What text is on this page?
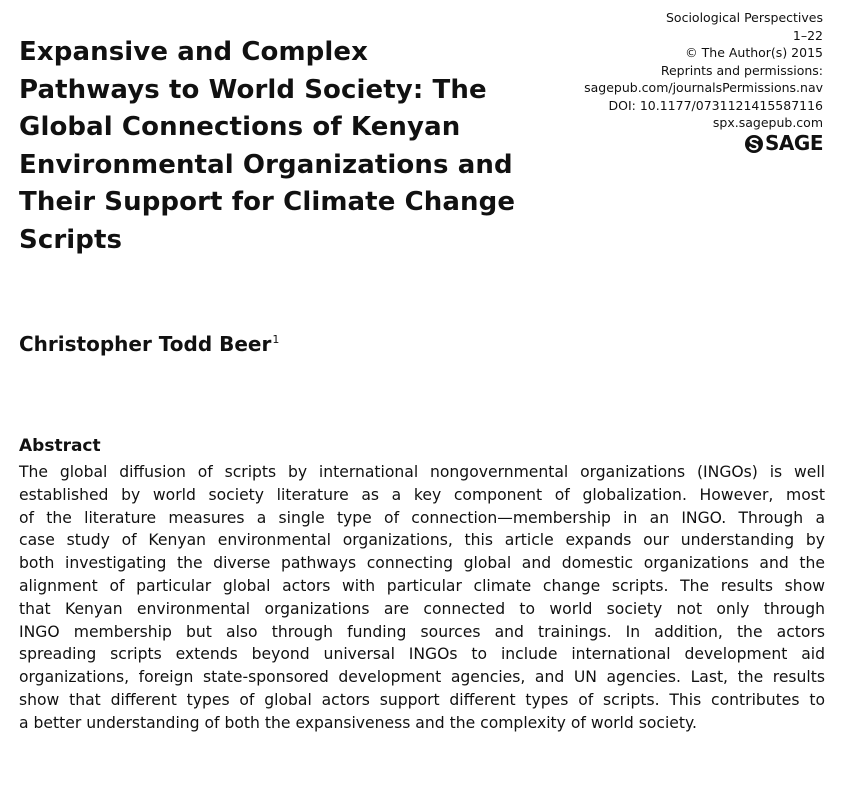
Expansive and Complex
Pathways to World Society: The
Global Connections of Kenyan
Environmental Organizations and
Their Support for Climate Change
Scripts
Sociological Perspectives
1–22
© The Author(s) 2015
Reprints and permissions:
sagepub.com/journalsPermissions.nav
DOI: 10.1177/0731121415587116
spx.sagepub.com
SAGE
Christopher Todd Beer$^1$
Abstract
The global diffusion of scripts by international nongovernmental organizations (INGOs) is well
established by world society literature as a key component of globalization. However, most
of the literature measures a single type of connection—membership in an INGO. Through a
case study of Kenyan environmental organizations, this article expands our understanding by
both investigating the diverse pathways connecting global and domestic organizations and the
alignment of particular global actors with particular climate change scripts. The results show
that Kenyan environmental organizations are connected to world society not only through
INGO membership but also through funding sources and trainings. In addition, the actors
spreading scripts extends beyond universal INGOs to include international development aid
organizations, foreign state-sponsored development agencies, and UN agencies. Last, the results
show that different types of global actors support different types of scripts. This contributes to
a better understanding of both the expansiveness and the complexity of world society.
